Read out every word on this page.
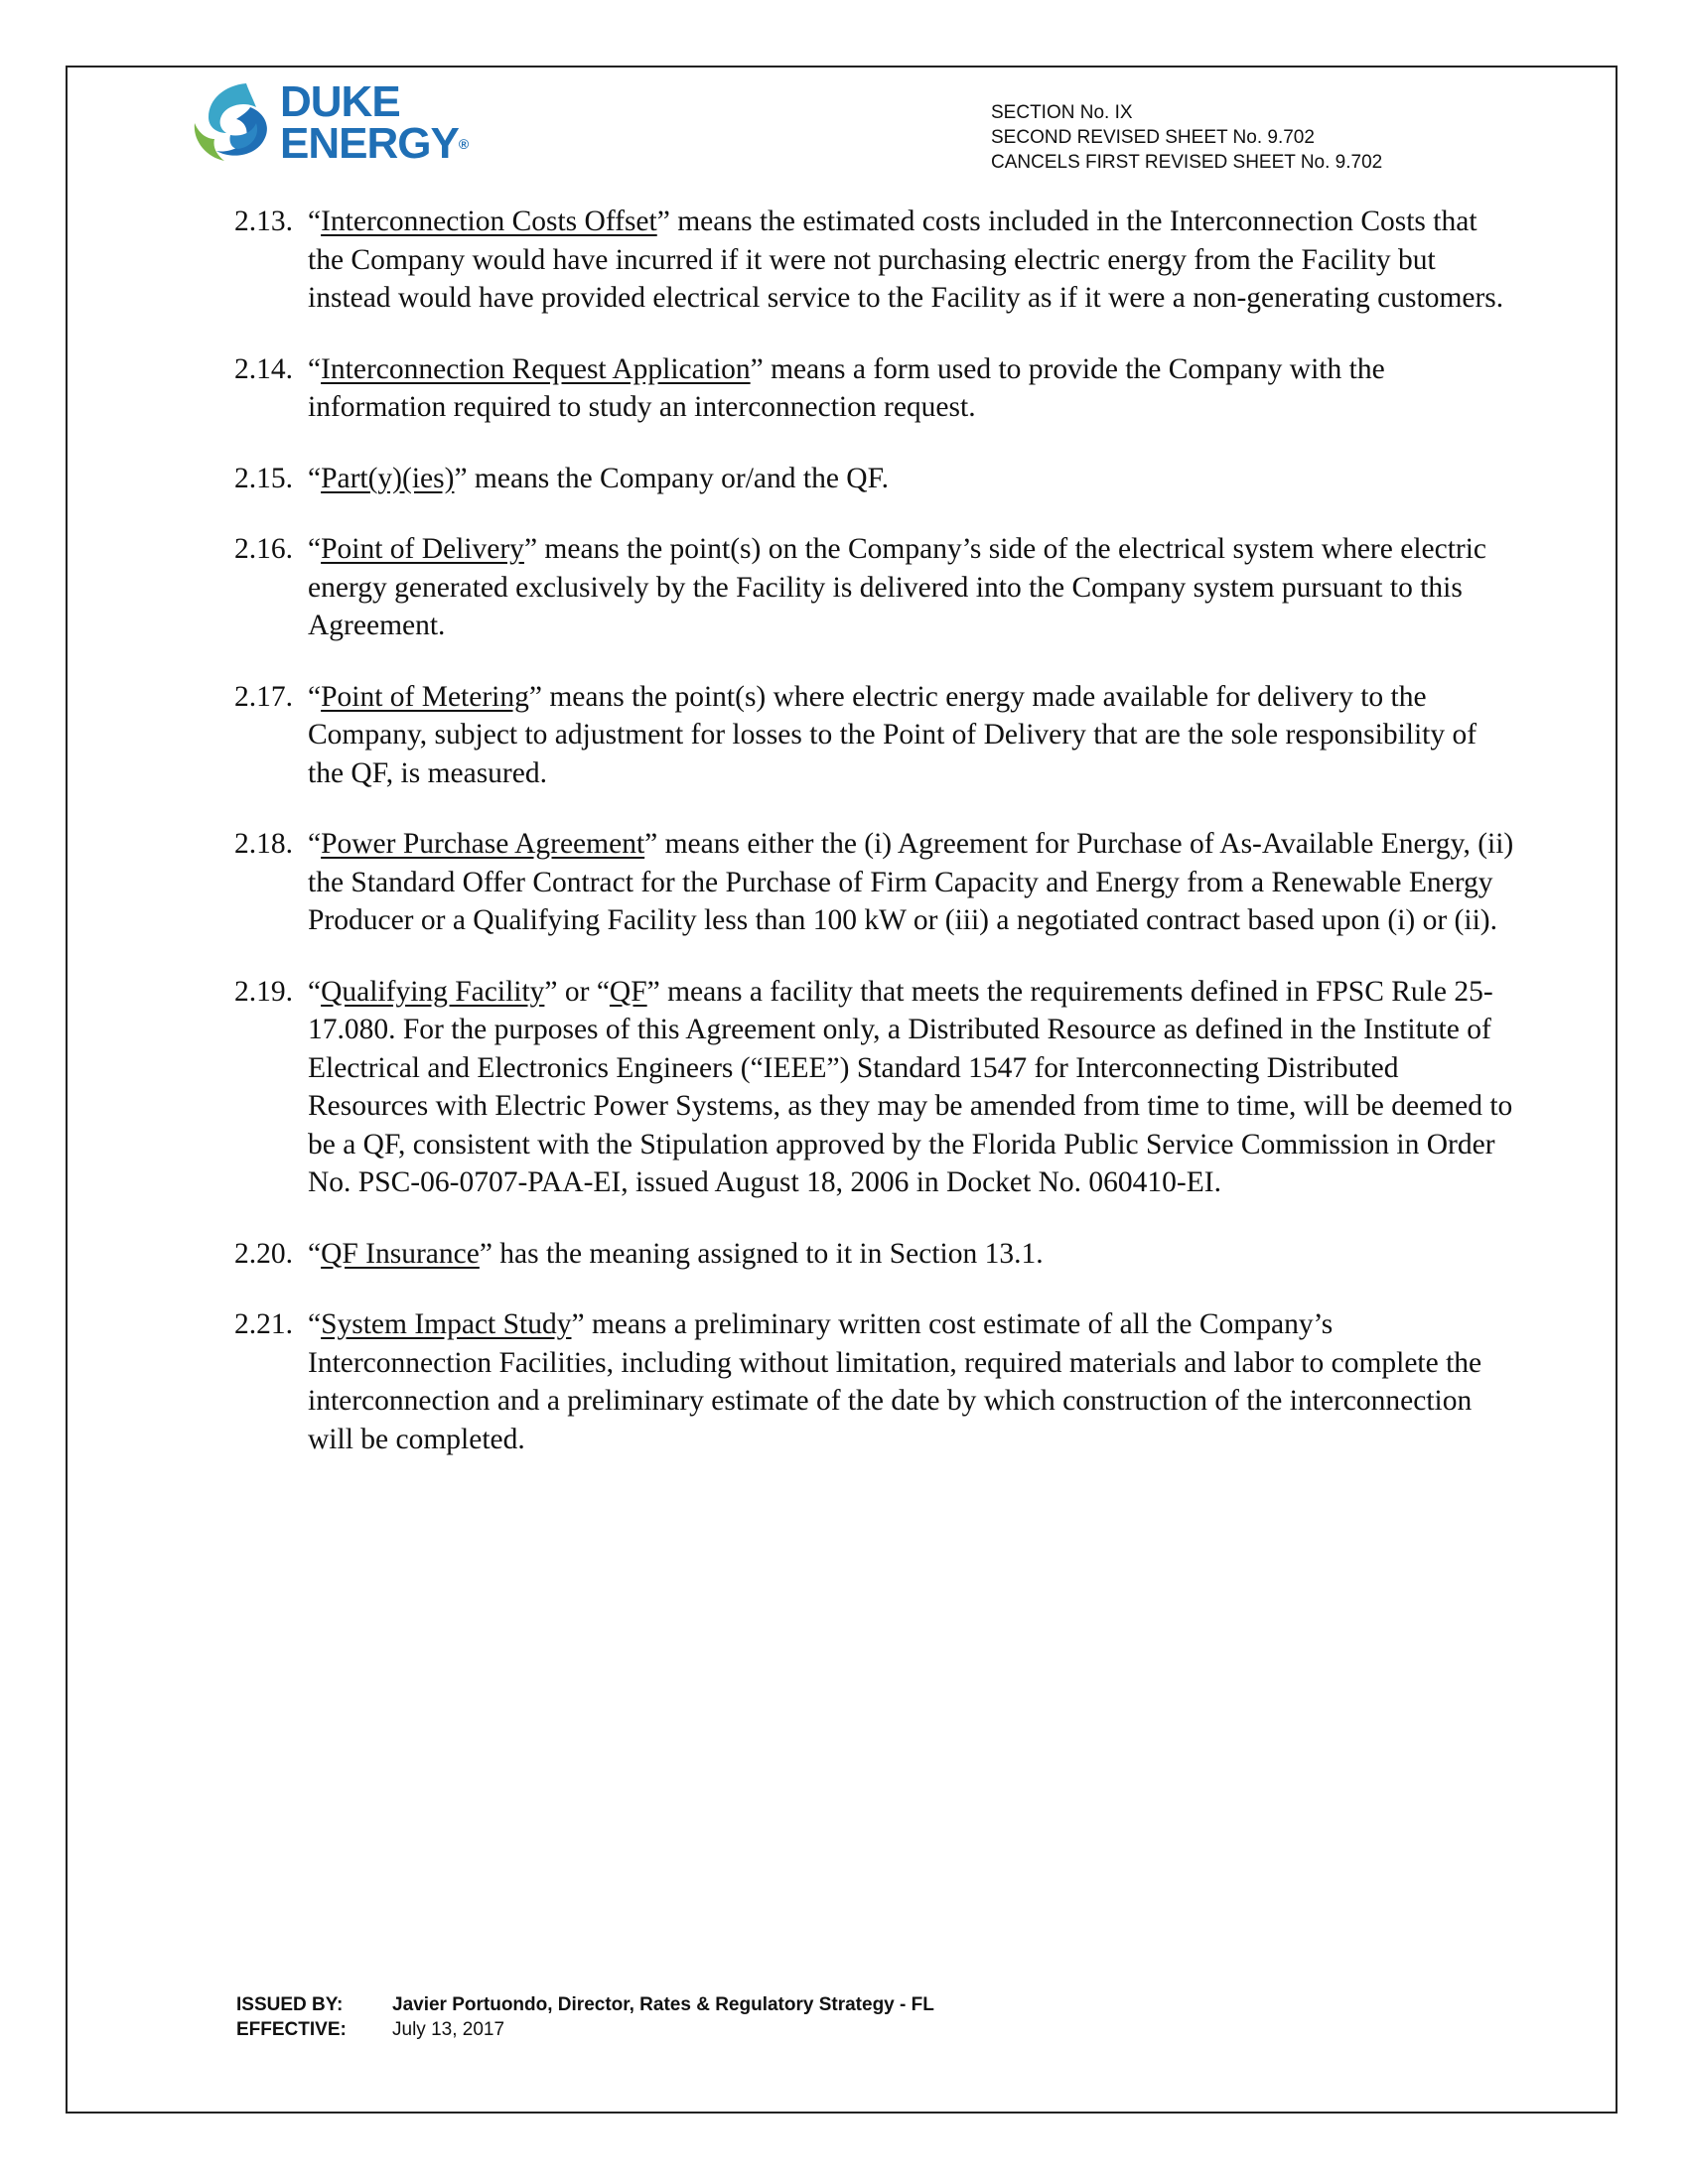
DUKE
ENERGY®
SECTION No. IX
SECOND REVISED SHEET No. 9.702
CANCELS FIRST REVISED SHEET No. 9.702
2.13. “Interconnection Costs Offset” means the estimated costs included in the Interconnection Costs that the Company would have incurred if it were not purchasing electric energy from the Facility but instead would have provided electrical service to the Facility as if it were a non-generating customers.
2.14. “Interconnection Request Application” means a form used to provide the Company with the information required to study an interconnection request.
2.15. “Part(y)(ies)” means the Company or/and the QF.
2.16. “Point of Delivery” means the point(s) on the Company’s side of the electrical system where electric energy generated exclusively by the Facility is delivered into the Company system pursuant to this Agreement.
2.17. “Point of Metering” means the point(s) where electric energy made available for delivery to the Company, subject to adjustment for losses to the Point of Delivery that are the sole responsibility of the QF, is measured.
2.18. “Power Purchase Agreement” means either the (i) Agreement for Purchase of As-Available Energy, (ii) the Standard Offer Contract for the Purchase of Firm Capacity and Energy from a Renewable Energy Producer or a Qualifying Facility less than 100 kW or (iii) a negotiated contract based upon (i) or (ii).
2.19. “Qualifying Facility” or “QF” means a facility that meets the requirements defined in FPSC Rule 25-17.080. For the purposes of this Agreement only, a Distributed Resource as defined in the Institute of Electrical and Electronics Engineers (“IEEE”) Standard 1547 for Interconnecting Distributed Resources with Electric Power Systems, as they may be amended from time to time, will be deemed to be a QF, consistent with the Stipulation approved by the Florida Public Service Commission in Order No. PSC-06-0707-PAA-EI, issued August 18, 2006 in Docket No. 060410-EI.
2.20. “QF Insurance” has the meaning assigned to it in Section 13.1.
2.21. “System Impact Study” means a preliminary written cost estimate of all the Company’s Interconnection Facilities, including without limitation, required materials and labor to complete the interconnection and a preliminary estimate of the date by which construction of the interconnection will be completed.
ISSUED BY:	Javier Portuondo, Director, Rates & Regulatory Strategy - FL
EFFECTIVE:	July 13, 2017
